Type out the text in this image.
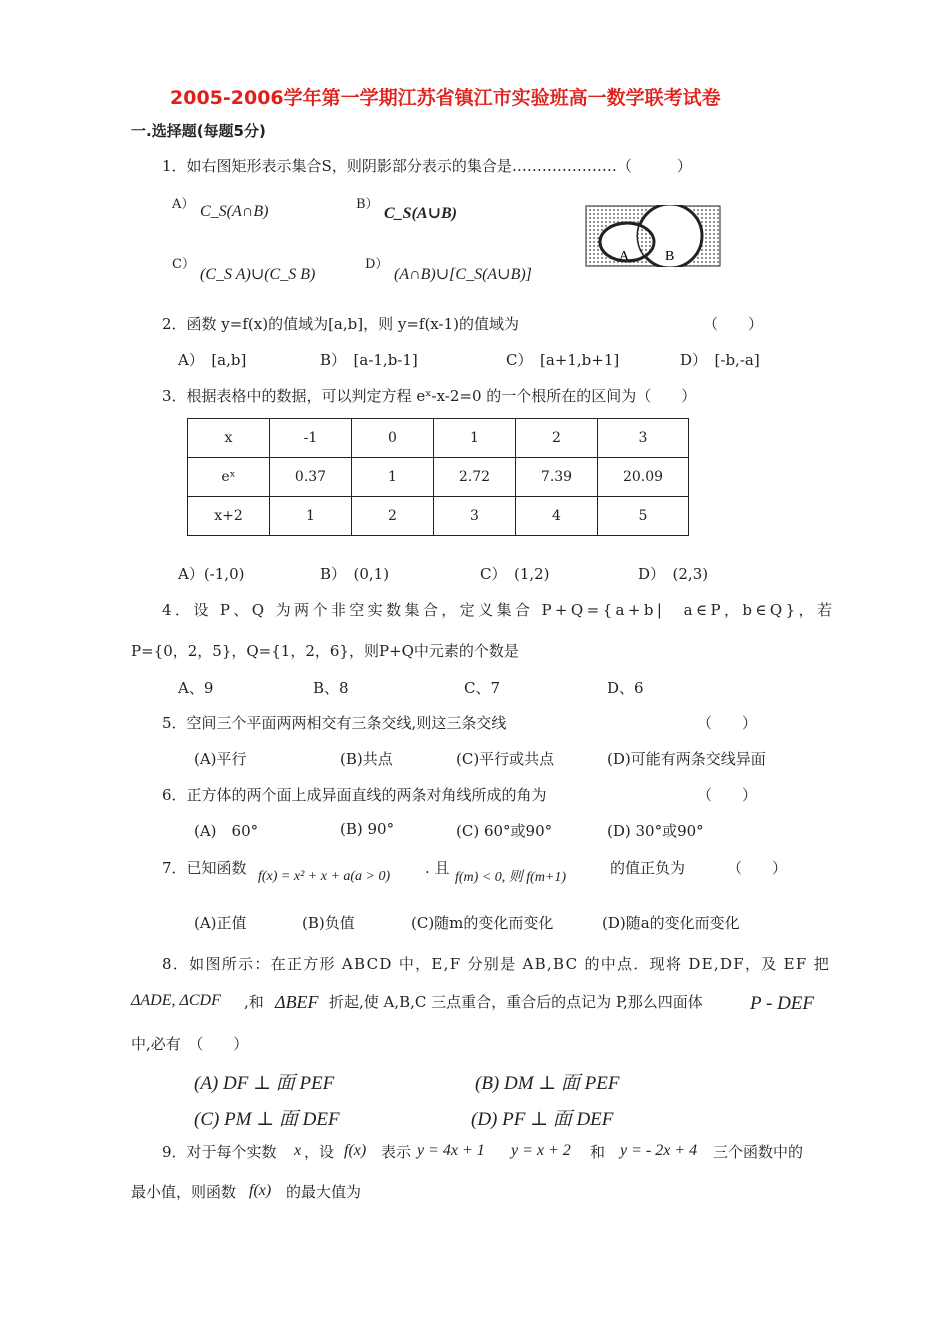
2005-2006学年第一学期江苏省镇江市实验班高一数学联考试卷
一.选择题(每题5分)
1．如右图矩形表示集合S，则阴影部分表示的集合是…………………（　　　）
A） C_S(A∩B)	B）
C_S(A∪B)
C）
(C_S A)∪(C_S B)
D）
(A∩B)∪[C_S(A∪B)]
A	B
2．函数 y=f(x)的值域为[a,b]，则 y=f(x-1)的值域为	（　　）
A）　[a,b]	B）　[a-1,b-1]	C）　[a+1,b+1]	D）　[-b,-a]
3．根据表格中的数据，可以判定方程 eˣ-x-2=0 的一个根所在的区间为（　　）
x	-1	0	1	2	3
eˣ	0.37	1	2.72	7.39	20.09
x+2	1	2	3	4	5
A）(-1,0)	B）　(0,1)	C）　(1,2)	D）　(2,3)
4．设 P、Q 为两个非空实数集合，定义集合 P+Q={a+b|　a∈P，b∈Q}，若
P={0，2，5}，Q={1，2，6}，则P+Q中元素的个数是
A、9	B、8	C、7	D、6
5．空间三个平面两两相交有三条交线,则这三条交线	（　　）
(A)平行	(B)共点	(C)平行或共点	(D)可能有两条交线异面
6．正方体的两个面上成异面直线的两条对角线所成的角为	（　　）
(A)　60°	(B) 90°	(C) 60°或90°	(D) 30°或90°
7．已知函数 f(x) = x² + x + a(a > 0) . 且
f(m) < 0, 则 f(m+1)
的值正负为	（　　）
(A)正值	(B)负值	(C)随m的变化而变化	(D)随a的变化而变化
8．如图所示：在正方形 ABCD 中，E,F 分别是 AB,BC 的中点．现将 DE,DF，及 EF 把
ΔADE, ΔCDF ,和 ΔBEF 折起,使 A,B,C 三点重合，重合后的点记为 P,那么四面体 P - DEF
中,必有　（　　）
(A) DF ⊥ 面 PEF	(B) DM ⊥ 面 PEF
(C) PM ⊥ 面 DEF	(D) PF ⊥ 面 DEF
9．对于每个实数 x ，设 f(x) 表示 y = 4x + 1 y = x + 2 和 y = - 2x + 4 三个函数中的
最小值，则函数 f(x) 的最大值为
